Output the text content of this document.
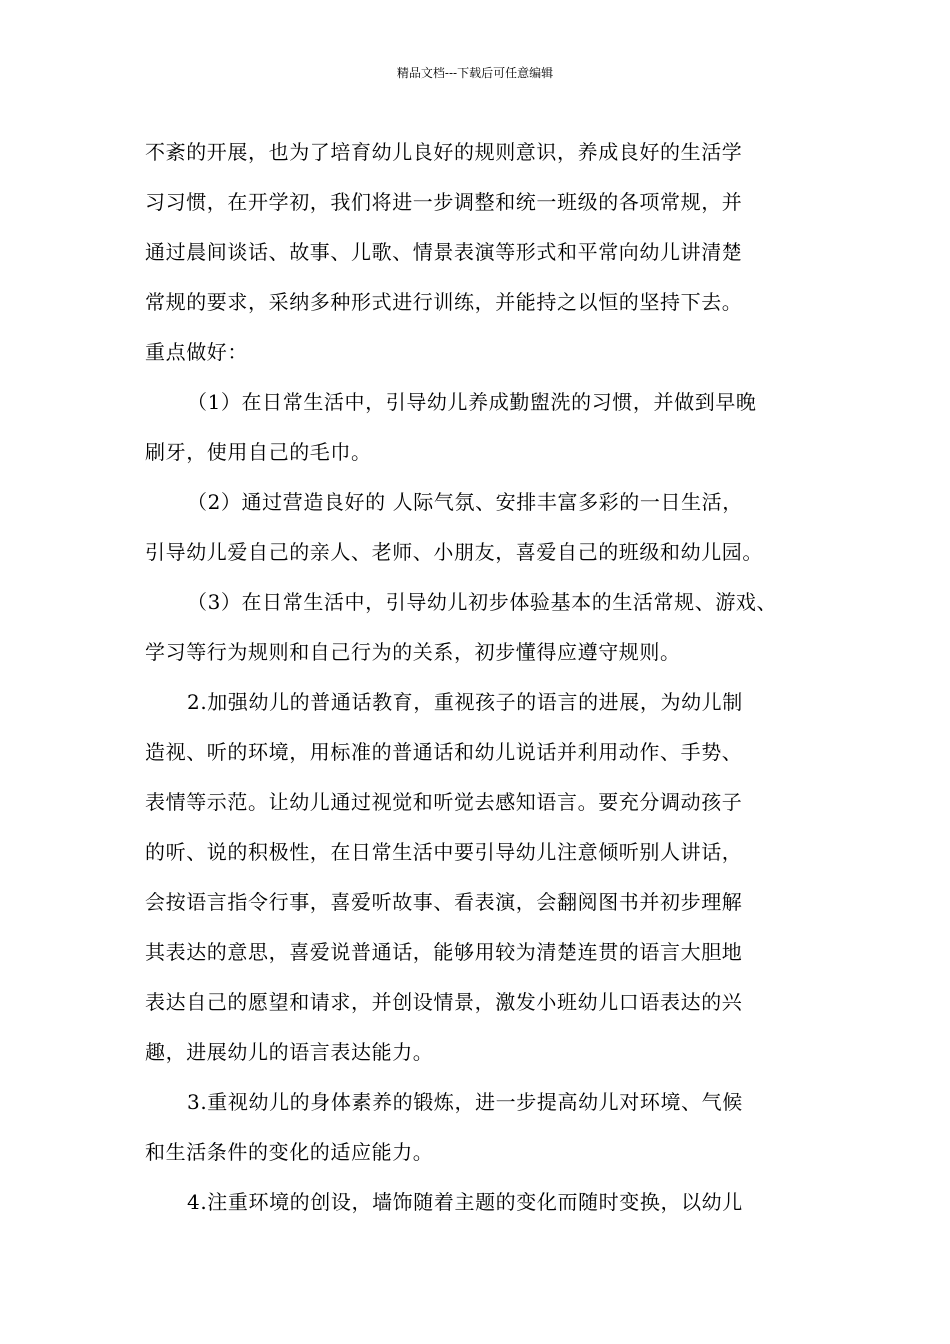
精品文档---下载后可任意编辑
不紊的开展，也为了培育幼儿良好的规则意识，养成良好的生活学
习习惯，在开学初，我们将进一步调整和统一班级的各项常规，并
通过晨间谈话、故事、儿歌、情景表演等形式和平常向幼儿讲清楚
常规的要求，采纳多种形式进行训练，并能持之以恒的坚持下去。
重点做好：
（1）在日常生活中，引导幼儿养成勤盥洗的习惯，并做到早晚
刷牙，使用自己的毛巾。
（2）通过营造良好的 人际气氛、安排丰富多彩的一日生活，
引导幼儿爱自己的亲人、老师、小朋友，喜爱自己的班级和幼儿园。
（3）在日常生活中，引导幼儿初步体验基本的生活常规、游戏、
学习等行为规则和自己行为的关系，初步懂得应遵守规则。
2.加强幼儿的普通话教育，重视孩子的语言的进展，为幼儿制
造视、听的环境，用标准的普通话和幼儿说话并利用动作、手势、
表情等示范。让幼儿通过视觉和听觉去感知语言。要充分调动孩子
的听、说的积极性，在日常生活中要引导幼儿注意倾听别人讲话，
会按语言指令行事，喜爱听故事、看表演，会翻阅图书并初步理解
其表达的意思，喜爱说普通话，能够用较为清楚连贯的语言大胆地
表达自己的愿望和请求，并创设情景，激发小班幼儿口语表达的兴
趣，进展幼儿的语言表达能力。
3.重视幼儿的身体素养的锻炼，进一步提高幼儿对环境、气候
和生活条件的变化的适应能力。
4.注重环境的创设，墙饰随着主题的变化而随时变换，以幼儿
